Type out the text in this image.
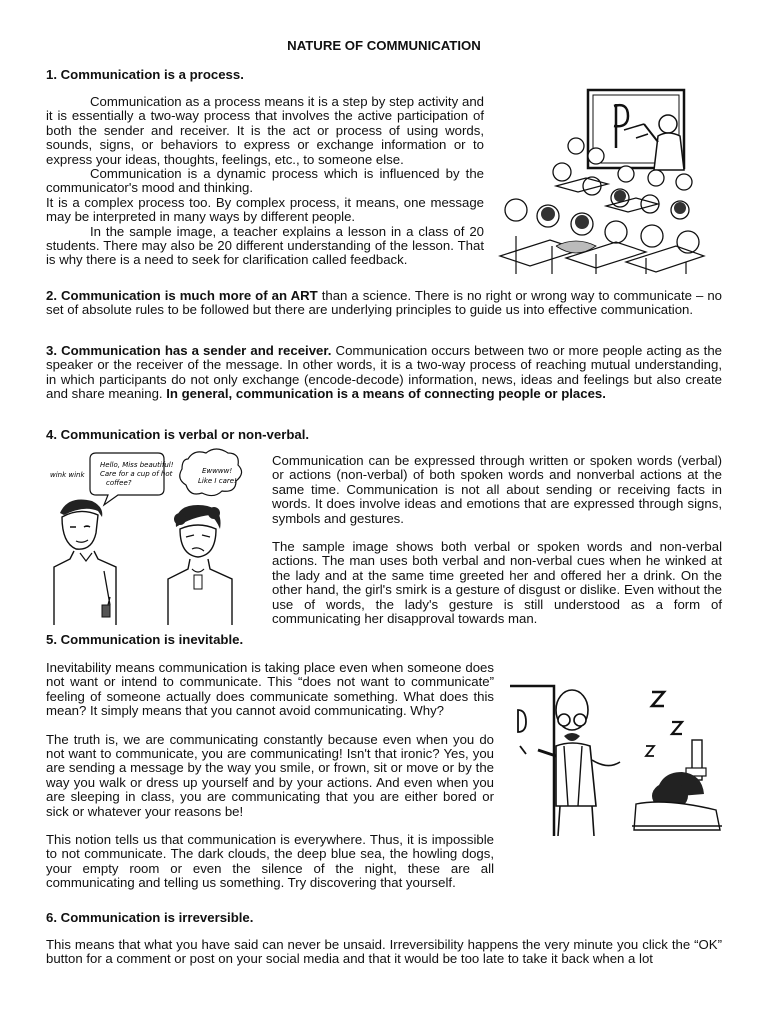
NATURE OF COMMUNICATION
1. Communication is a process.

Communication as a process means it is a step by step activity and it is essentially a two-way process that involves the active participation of both the sender and receiver. It is the act or process of using words, sounds, signs, or behaviors to express or exchange information or to express your ideas, thoughts, feelings, etc., to someone else.

Communication is a dynamic process which is influenced by the communicator's mood and thinking.

It is a complex process too. By complex process, it means, one message may be interpreted in many ways by different people.

In the sample image, a teacher explains a lesson in a class of 20 students. There may also be 20 different understanding of the lesson. That is why there is a need to seek for clarification called feedback.

2. Communication is much more of an ART than a science. There is no right or wrong way to communicate – no set of absolute rules to be followed but there are underlying principles to guide us into effective communication.

3. Communication has a sender and receiver. Communication occurs between two or more people acting as the speaker or the receiver of the message. In other words, it is a two-way process of reaching mutual understanding, in which participants do not only exchange (encode-decode) information, news, ideas and feelings but also create and share meaning. In general, communication is a means of connecting people or places.

4. Communication is verbal or non-verbal.
Hello, Miss beautiful! Care for a cup of hot coffee?
wink wink	Ewwww! Like I care!

Communication can be expressed through written or spoken words (verbal) or actions (non-verbal) of both spoken words and nonverbal actions at the same time. Communication is not all about sending or receiving facts in words. It does involve ideas and emotions that are expressed through signs, symbols and gestures.

The sample image shows both verbal or spoken words and non-verbal actions. The man uses both verbal and non-verbal cues when he winked at the lady and at the same time greeted her and offered her a drink. On the other hand, the girl's smirk is a gesture of disgust or dislike. Even without the use of words, the lady's gesture is still understood as a form of communicating her disapproval towards man.

5. Communication is inevitable.

Inevitability means communication is taking place even when someone does not want or intend to communicate. This “does not want to communicate” feeling of someone actually does communicate something. What does this mean? It simply means that you cannot avoid communicating. Why?

The truth is, we are communicating constantly because even when you do not want to communicate, you are communicating! Isn't that ironic? Yes, you are sending a message by the way you smile, or frown, sit or move or by the way you walk or dress up yourself and by your actions. And even when you are sleeping in class, you are communicating that you are either bored or sick or whatever your reasons be!

This notion tells us that communication is everywhere. Thus, it is impossible to not communicate. The dark clouds, the deep blue sea, the howling dogs, your empty room or even the silence of the night, these are all communicating and telling us something. Try discovering that yourself.

6. Communication is irreversible.

This means that what you have said can never be unsaid. Irreversibility happens the very minute you click the “OK” button for a comment or post on your social media and that it would be too late to take it back when a lot
